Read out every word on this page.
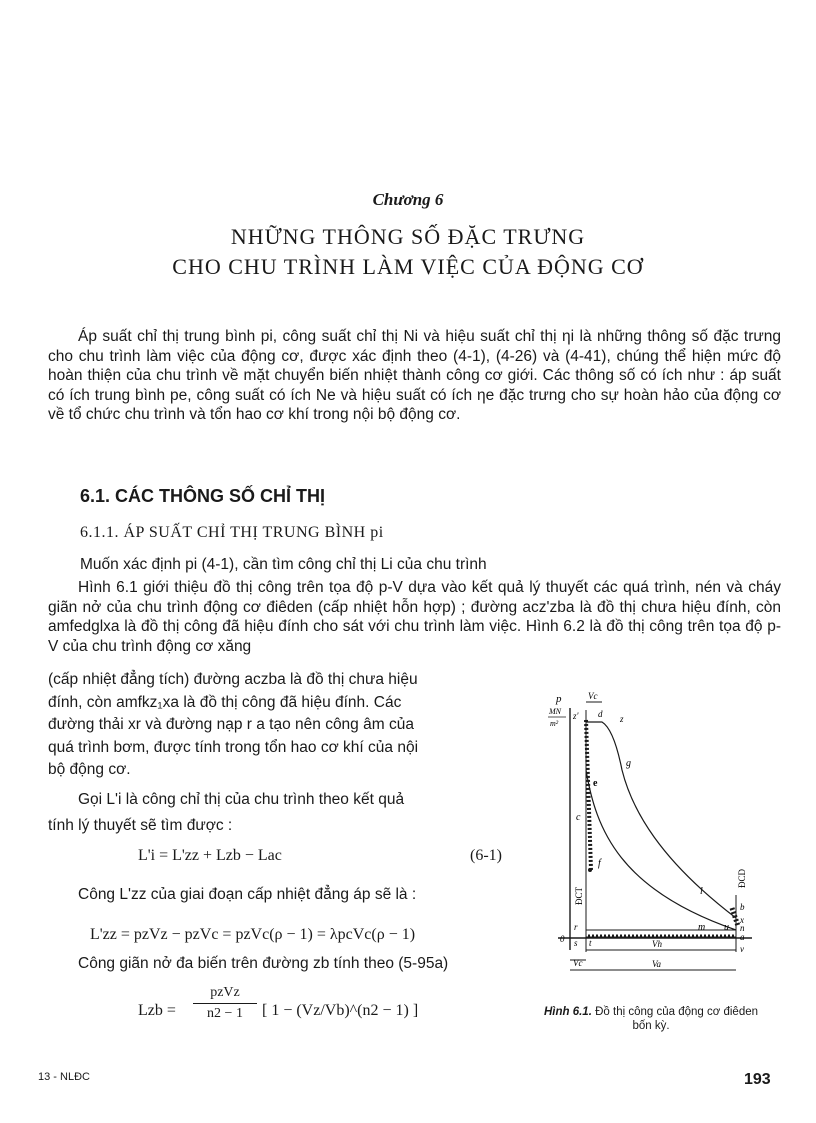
Chương 6
NHỮNG THÔNG SỐ ĐẶC TRƯNG
CHO CHU TRÌNH LÀM VIỆC CỦA ĐỘNG CƠ

Áp suất chỉ thị trung bình pi, công suất chỉ thị Ni và hiệu suất chỉ thị ηi là những thông số đặc trưng cho chu trình làm việc của động cơ, được xác định theo (4-1), (4-26) và (4-41), chúng thể hiện mức độ hoàn thiện của chu trình về mặt chuyển biến nhiệt thành công cơ giới. Các thông số có ích như : áp suất có ích trung bình pe, công suất có ích Ne và hiệu suất có ích ηe đặc trưng cho sự hoàn hảo của động cơ về tổ chức chu trình và tổn hao cơ khí trong nội bộ động cơ.

6.1. CÁC THÔNG SỐ CHỈ THỊ
6.1.1. ÁP SUẤT CHỈ THỊ TRUNG BÌNH pi
Muốn xác định pi (4-1), cần tìm công chỉ thị Li của chu trình

Hình 6.1 giới thiệu đồ thị công trên tọa độ p-V dựa vào kết quả lý thuyết các quá trình, nén và cháy giãn nở của chu trình động cơ điêden (cấp nhiệt hỗn hợp) ; đường acz'zba là đồ thị chưa hiệu đính, còn amfedglxa là đồ thị công đã hiệu đính cho sát với chu trình làm việc. Hình 6.2 là đồ thị công trên tọa độ p-V của chu trình động cơ xăng

(cấp nhiệt đẳng tích) đường aczba là đồ thị chưa hiệu
đính, còn amfkz₁xa là đồ thị công đã hiệu đính. Các
đường thải xr và đường nạp r a tạo nên công âm của
quá trình bơm, được tính trong tổn hao cơ khí của nội
bộ động cơ.
Gọi L'i là công chỉ thị của chu trình theo kết quả
tính lý thuyết sẽ tìm được :
L'i = L'zz + Lzb − Lac	(6-1)
Công L'zz của giai đoạn cấp nhiệt đẳng áp sẽ là :
L'zz = pzVz − pzVc = pzVc(ρ − 1) = λpcVc(ρ − 1)
Công giãn nở đa biến trên đường zb tính theo (5-95a)
Lzb =
pzVz
n2 − 1	[ 1 − (Vz/Vb)^(n2 − 1) ]
p
MN
m²
Vc
z' d z
g
e
c
f
l
m u
b
x
n
a
v
r
0 s t
ĐCT
ĐCD
Vc
Vh
Va
Hình 6.1. Đồ thị công của động cơ điêden bốn kỳ.
13 - NLĐC	193
